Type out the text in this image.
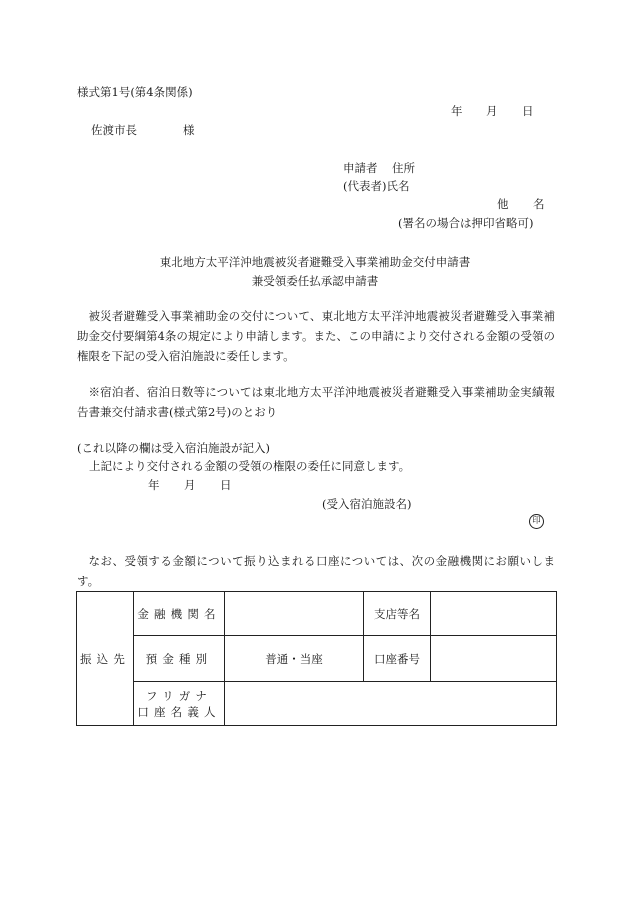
様式第1号(第4条関係)
年 月 日
佐渡市長	様
申請者 住所
(代表者)氏名
他 名
(署名の場合は押印省略可)
東北地方太平洋沖地震被災者避難受入事業補助金交付申請書
兼受領委任払承認申請書

被災者避難受入事業補助金の交付について、東北地方太平洋沖地震被災者避難受入事業補助金交付要綱第4条の規定により申請します。また、この申請により交付される金額の受領の権限を下記の受入宿泊施設に委任します。

※宿泊者、宿泊日数等については東北地方太平洋沖地震被災者避難受入事業補助金実績報告書兼交付請求書(様式第2号)のとおり

(これ以降の欄は受入宿泊施設が記入)
上記により交付される金額の受領の権限の委任に同意します。
年 月 日
(受入宿泊施設名)
印

なお、受領する金額について振り込まれる口座については、次の金融機関にお願いします。

振込先	金融機関名		支店等名	
	預金種別	普通・当座	口座番号	

	フリガナ
口座名義人			
